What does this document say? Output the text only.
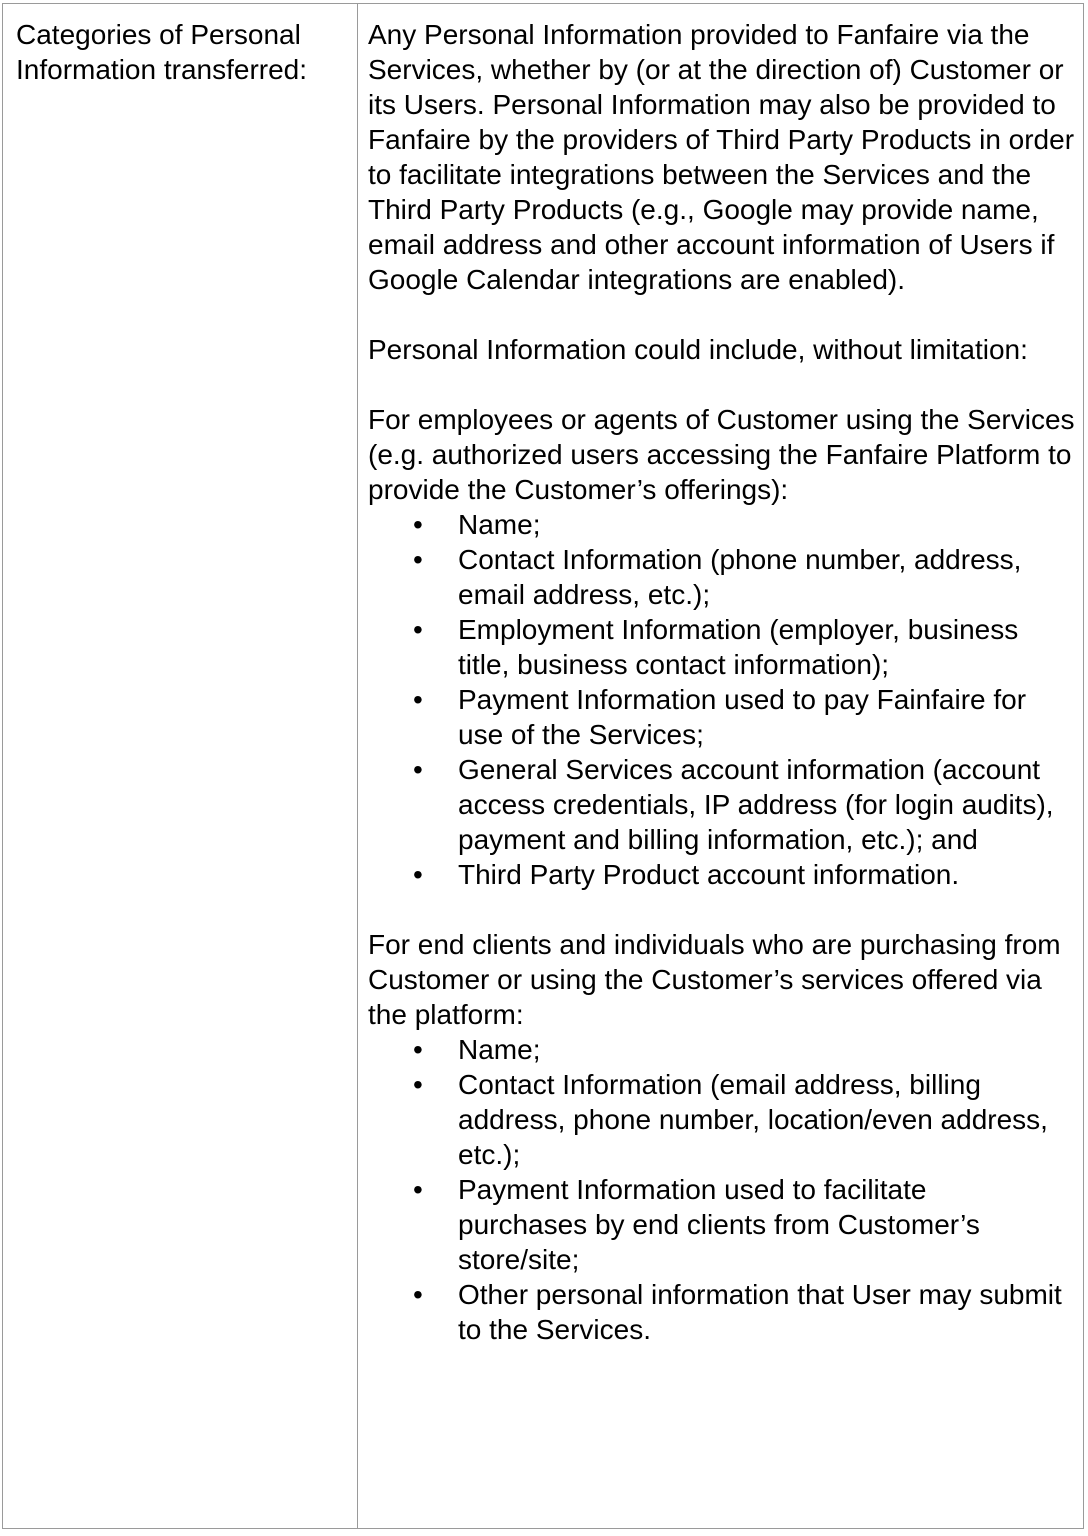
Categories of Personal Information transferred:

Any Personal Information provided to Fanfaire via the Services, whether by (or at the direction of) Customer or its Users. Personal Information may also be provided to Fanfaire by the providers of Third Party Products in order to facilitate integrations between the Services and the Third Party Products (e.g., Google may provide name, email address and other account information of Users if Google Calendar integrations are enabled).

Personal Information could include, without limitation:

For employees or agents of Customer using the Services (e.g. authorized users accessing the Fanfaire Platform to provide the Customer’s offerings):

• Name;
• Contact Information (phone number, address, email address, etc.);
• Employment Information (employer, business title, business contact information);
• Payment Information used to pay Fainfaire for use of the Services;
• General Services account information (account access credentials, IP address (for login audits), payment and billing information, etc.); and
• Third Party Product account information.

For end clients and individuals who are purchasing from Customer or using the Customer’s services offered via the platform:

• Name;
• Contact Information (email address, billing address, phone number, location/even address, etc.);
• Payment Information used to facilitate purchases by end clients from Customer’s store/site;
• Other personal information that User may submit to the Services.
